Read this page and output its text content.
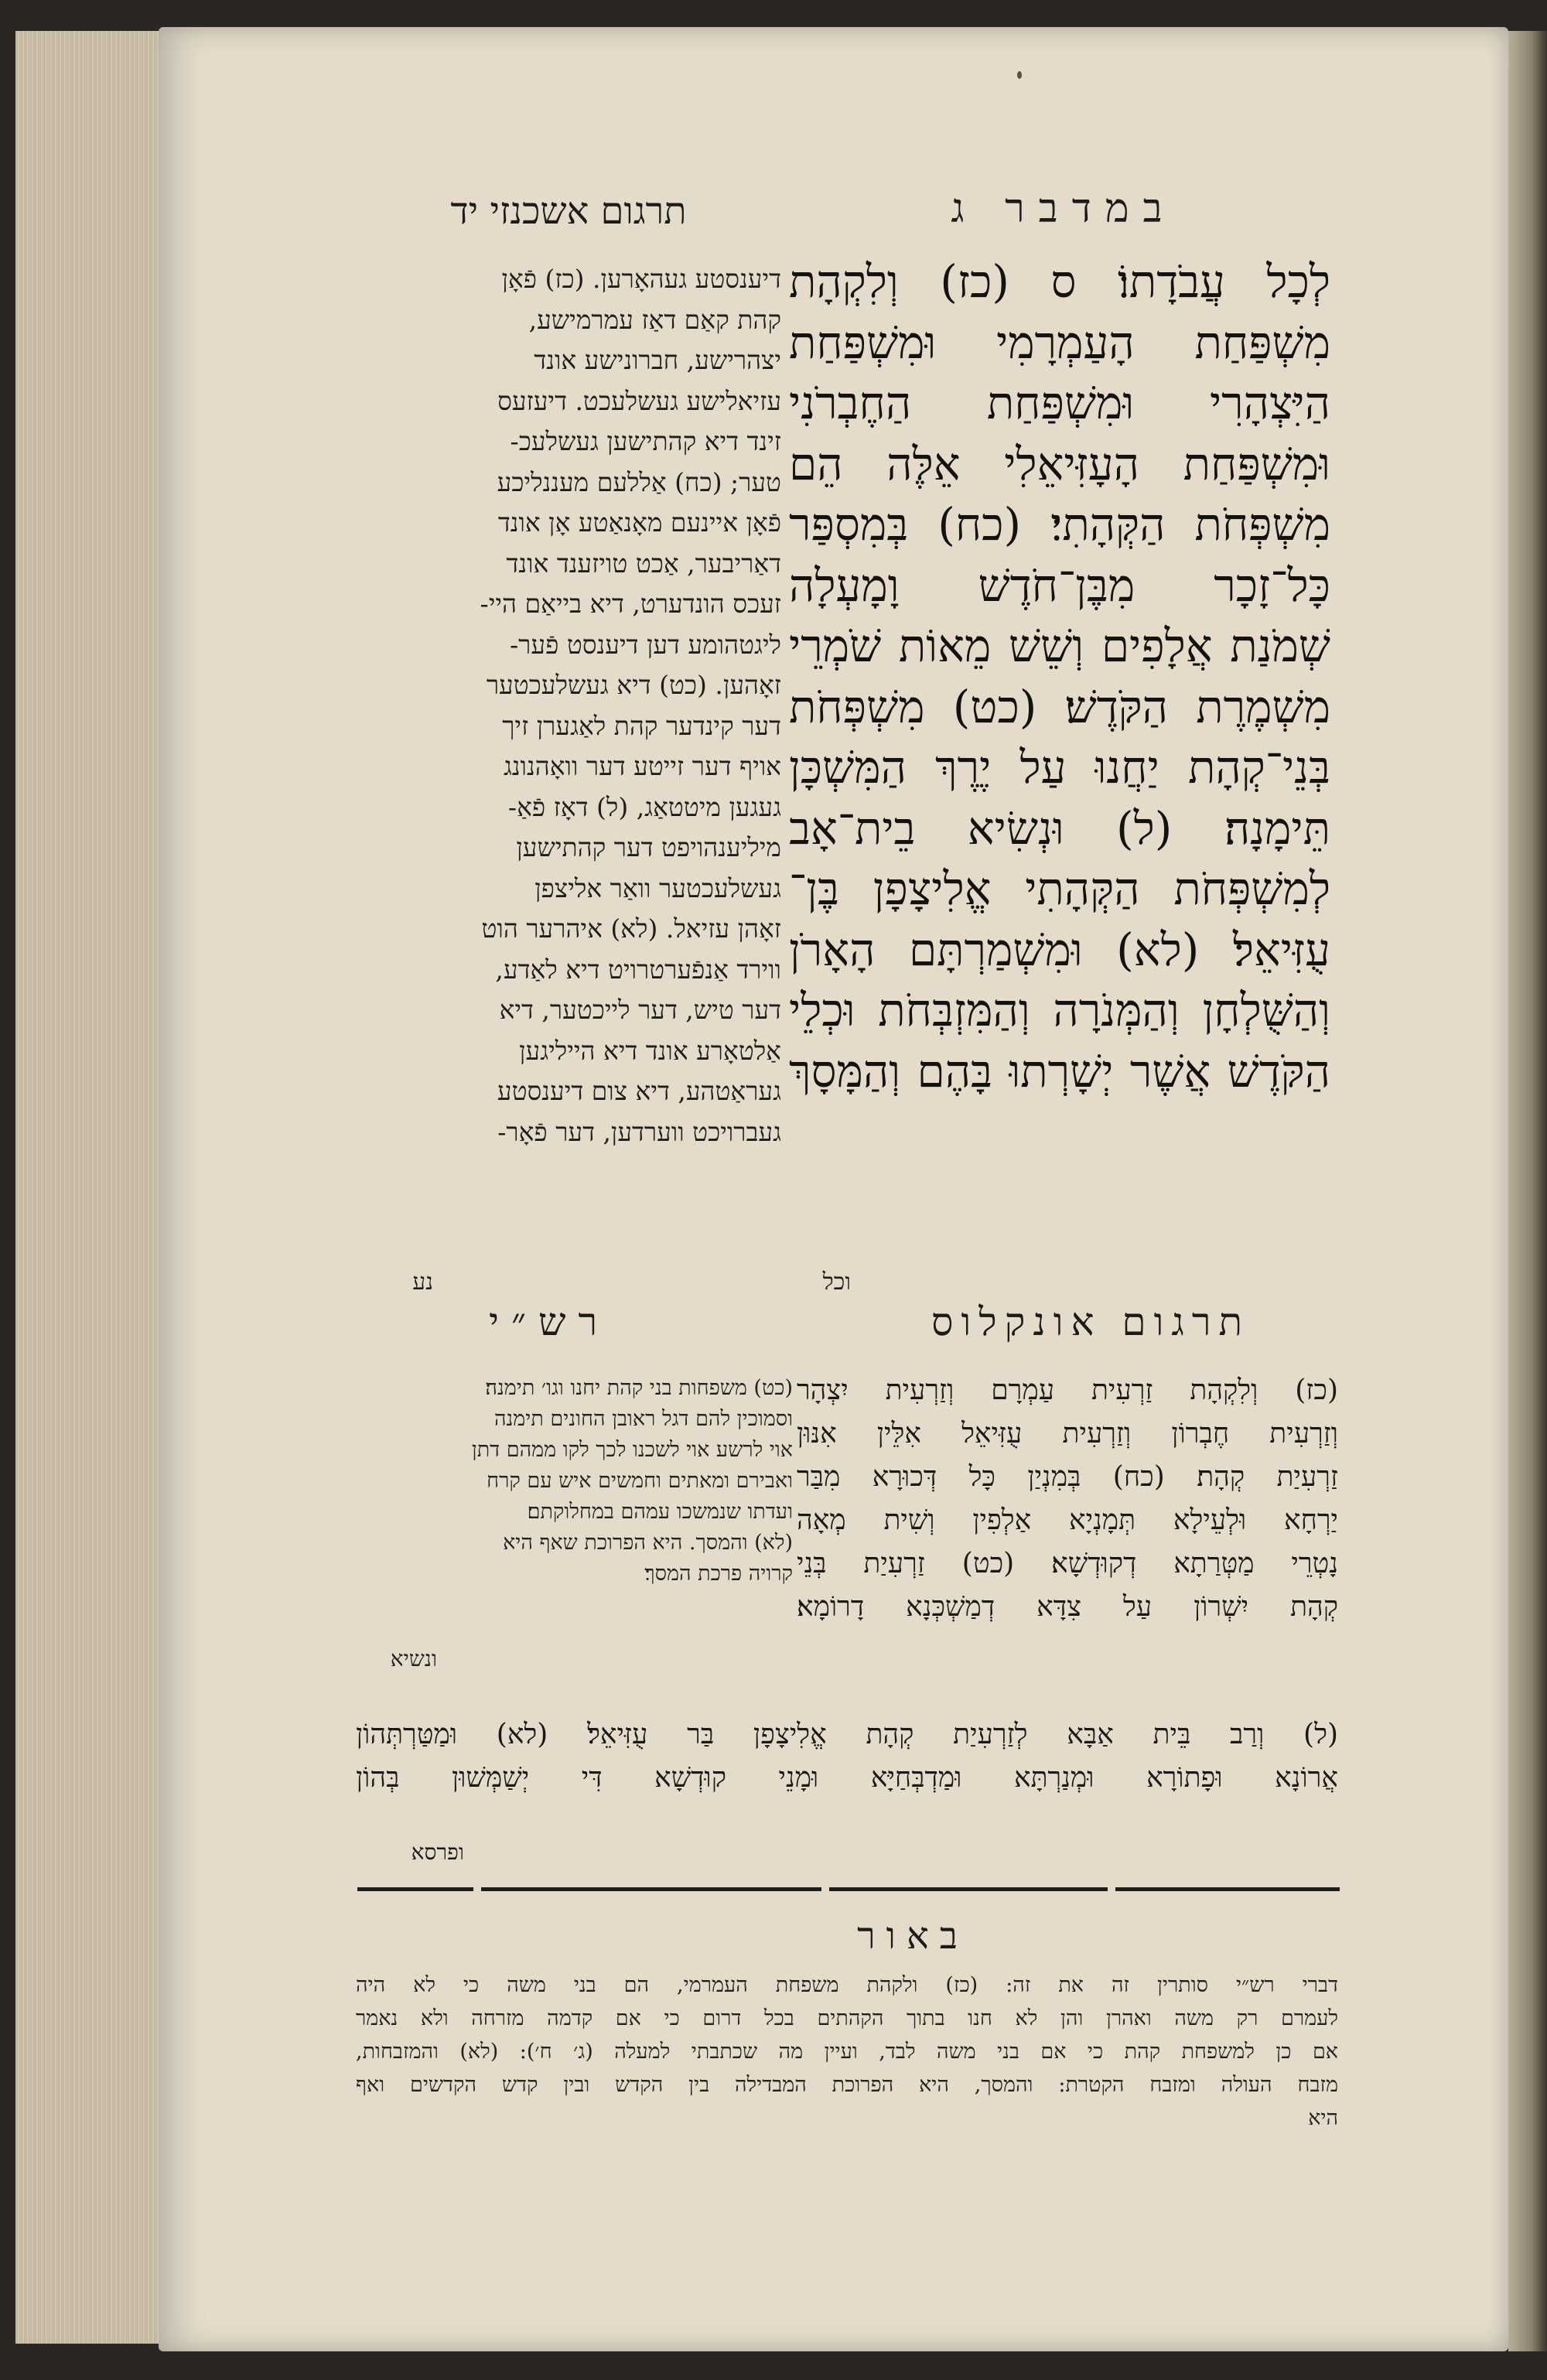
תרגום אשכנזי יד	במדבר ג
דיענסטע געהאָרען. (כז) פֿאָן
קהת קאַם דאַז עמרמישע,
יצהרישע, חברונישע אונד
עזיאלישע געשלעכט. דיעזעס
זינד דיא קהתישען געשלעכ-
טער; (כח) אַללעם מעננליכע
פֿאָן איינעם מאָנאַטע אָן אונד
דאַריבער, אַכט טויזענד אונד
זעכס הונדערט, דיא בייאַם היי-
ליגטהומע דען דיענסט פֿער-
זאָהען. (כט) דיא געשלעכטער
דער קינדער קהת לאַגערן זיך
אויף דער זייטע דער וואָהנונג
געגען מיטטאַג, (ל) דאָז פֿאַ-
מיליענהויפט דער קהתישען
געשלעכטער וואַר אליצפן
זאָהן עזיאל. (לא) איהרער הוט
ווירד אַנפֿערטרויט דיא לאַדע,
דער טיש, דער לייכטער, דיא
אַלטאָרע אונד דיא הייליגען
געראַטהע, דיא צום דיענסטע
געברויכט ווערדען, דער פֿאָר-
לְכָל עֲבֹדָתוֹ׃ ס (כז) וְלִקְהָת
מִשְׁפַּחַת הָעַמְרָמִי וּמִשְׁפַּחַת
הַיִּצְהָרִי וּמִשְׁפַּחַת הַחֶבְרֹנִי
וּמִשְׁפַּחַת הָעָזִּיאֵלִי אֵלֶּה הֵם
מִשְׁפְּחֹת הַקְּהָתִי׃ (כח) בְּמִסְפַּר
כָּל־זָכָר מִבֶּן־חֹדֶשׁ וָמָעְלָה
שְׁמֹנַת אֲלָפִים וְשֵׁשׁ מֵאוֹת שֹׁמְרֵי
מִשְׁמֶרֶת הַקֹּדֶשׁ׃ (כט) מִשְׁפְּחֹת
בְּנֵי־קְהָת יַחֲנוּ עַל יֶרֶךְ הַמִּשְׁכָּן
תֵּימָנָה׃ (ל) וּנְשִׂיא בֵית־אָב
לְמִשְׁפְּחֹת הַקְּהָתִי אֱלִיצָפָן בֶּן־
עֻזִּיאֵל׃ (לא) וּמִשְׁמַרְתָּם הָאָרֹן
וְהַשֻּׁלְחָן וְהַמְּנֹרָה וְהַמִּזְבְּחֹת וּכְלֵי
הַקֹּדֶשׁ אֲשֶׁר יְשָׁרְתוּ בָּהֶם וְהַמָּסָךְ
נע	וכל
רש״י	תרגום אונקלוס
(כט) משפחות בני קהת יחנו וגו׳ תימנה׃
וסמוכין להם דגל ראובן החונים תימנה
אוי לרשע אוי לשכנו לכך לקו ממהם דתן
ואבירם ומאתים וחמשים איש עם קרח
ועדתו שנמשכו עמהם במחלוקתם׃
(לא) והמסך. היא הפרוכת שאף היא
קרויה פרכת המסך׃
ונשיא
(כז) וְלִקְהָת זַרְעִית עַמְרָם וְזַרְעִית יִצְהָר
וְזַרְעִית חֶבְרוֹן וְזַרְעִית עֻזִּיאֵל אִלֵּין אִנּוּן
זַרְעִיַת קְהָת׃ (כח) בְּמִנְיַן כָּל דְּכוּרָא מִבַּר
יַרְחָא וּלְעֵילָא תְּמָנְיָא אַלְפִין וְשִׁית מְאָה
נָטְרֵי מַטְּרַתָא דְקוּדְשָׁא׃ (כט) זַרְעִיַת בְּנֵי
קְהָת יִשְׁרוֹן עַל צִדָּא דְמַשְׁכְּנָא דָרוֹמָא׃
(ל) וְרַב בֵּית אַבָּא לְזַרְעִיַת קְהָת אֱלִיצָפָן בַּר עֻזִּיאֵל׃ (לא) וּמַטַּרְתְּהוֹן
אֲרוֹנָא וּפָתוֹרָא וּמְנַרְתָּא וּמַדְבְּחַיָּא וּמָנֵי קוּדְשָׁא דִּי יְשַׁמְּשׁוּן בְּהוֹן
ופרסא
באור
דברי רש״י סותרין זה את זה: (כז) ולקהת משפחת העמרמי, הם בני משה כי לא היה
לעמרם רק משה ואהרן והן לא חנו בתוך הקהתים בכל דרום כי אם קדמה מזרחה ולא נאמר
אם כן למשפחת קהת כי אם בני משה לבד, ועיין מה שכתבתי למעלה (ג׳ ח׳): (לא) והמזבחות,
מזבח העולה ומזבח הקטרת: והמסך, היא הפרוכת המבדילה בין הקדש ובין קדש הקדשים ואף
היא
